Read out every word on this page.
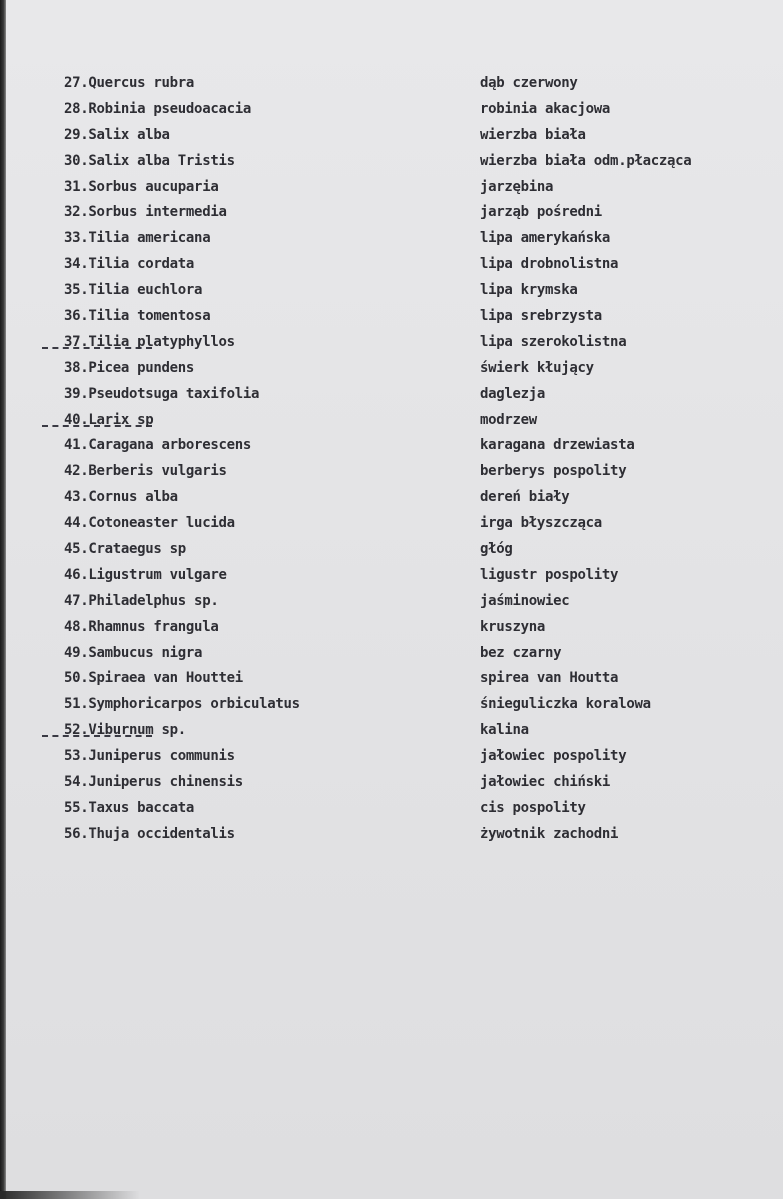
27.Quercus rubra	dąb czerwony
28.Robinia pseudoacacia	robinia akacjowa
29.Salix alba	wierzba biała
30.Salix alba Tristis	wierzba biała odm.płacząca
31.Sorbus aucuparia	jarzębina
32.Sorbus intermedia	jarząb pośredni
33.Tilia americana	lipa amerykańska
34.Tilia cordata	lipa drobnolistna
35.Tilia euchlora	lipa krymska
36.Tilia tomentosa	lipa srebrzysta
37.Tilia platyphyllos	lipa szerokolistna
38.Picea pundens	świerk kłujący
39.Pseudotsuga taxifolia	daglezja
40.Larix sp	modrzew
41.Caragana arborescens	karagana drzewiasta
42.Berberis vulgaris	berberys pospolity
43.Cornus alba	dereń biały
44.Cotoneaster lucida	irga błyszcząca
45.Crataegus sp	głóg
46.Ligustrum vulgare	ligustr pospolity
47.Philadelphus sp.	jaśminowiec
48.Rhamnus frangula	kruszyna
49.Sambucus nigra	bez czarny
50.Spiraea van Houttei	spirea van Houtta
51.Symphoricarpos orbiculatus	śnieguliczka koralowa
52.Viburnum sp.	kalina
53.Juniperus communis	jałowiec pospolity
54.Juniperus chinensis	jałowiec chiński
55.Taxus baccata	cis pospolity
56.Thuja occidentalis	żywotnik zachodni
